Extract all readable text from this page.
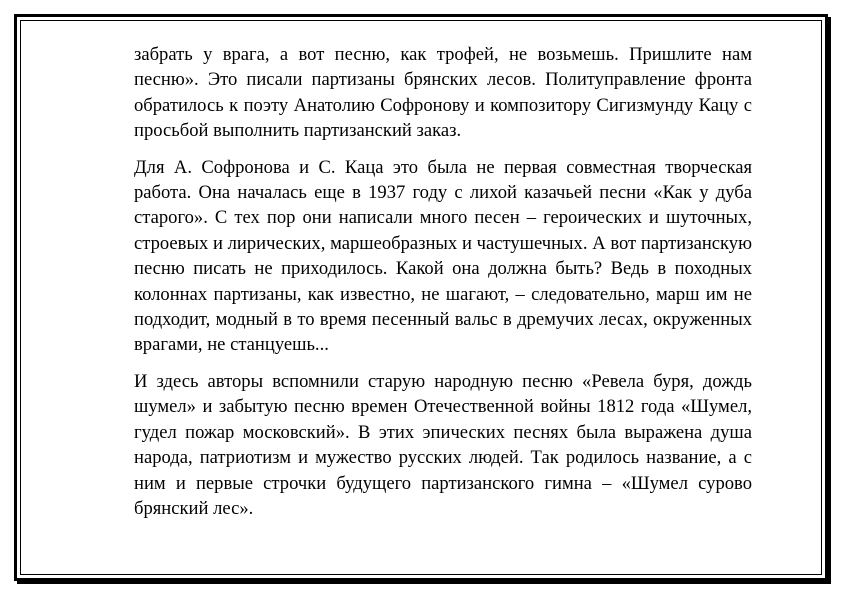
забрать у врага, а вот песню, как трофей, не возьмешь. Пришлите нам песню». Это писали партизаны брянских лесов. Политуправление фронта обратилось к поэту Анатолию Софронову и композитору Сигизмунду Кацу с просьбой выполнить партизанский заказ.

Для А. Софронова и С. Каца это была не первая совместная творческая работа. Она началась еще в 1937 году с лихой казачьей песни «Как у дуба старого». С тех пор они написали много песен – героических и шуточных, строевых и лирических, маршеобразных и частушечных. А вот партизанскую песню писать не приходилось. Какой она должна быть? Ведь в походных колоннах партизаны, как известно, не шагают, – следовательно, марш им не подходит, модный в то время песенный вальс в дремучих лесах, окруженных врагами, не станцуешь...

И здесь авторы вспомнили старую народную песню «Ревела буря, дождь шумел» и забытую песню времен Отечественной войны 1812 года «Шумел, гудел пожар московский». В этих эпических песнях была выражена душа народа, патриотизм и мужество русских людей. Так родилось название, а с ним и первые строчки будущего партизанского гимна – «Шумел сурово брянский лес».
